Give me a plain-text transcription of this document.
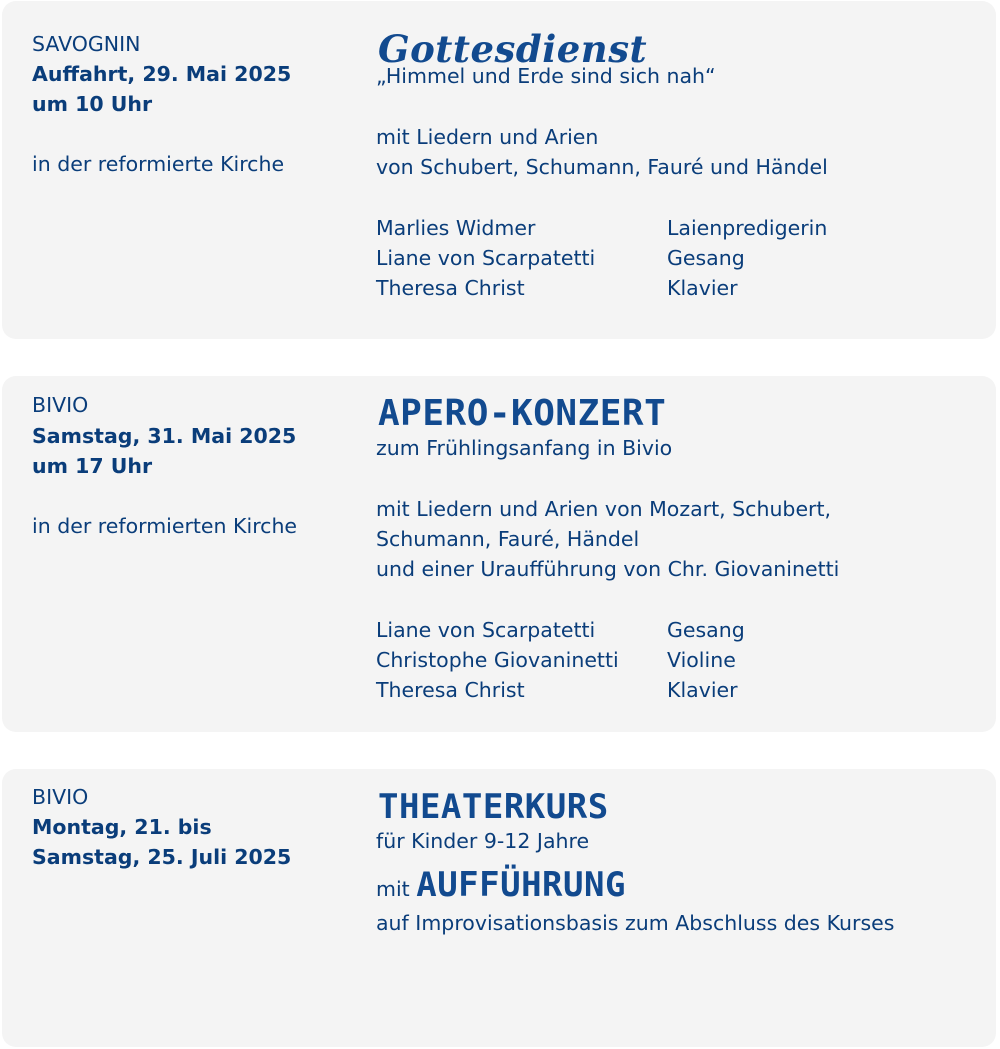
SAVOGNIN
Auffahrt, 29. Mai 2025
um 10 Uhr
in der reformierte Kirche
Gottesdienst
„Himmel und Erde sind sich nah“
mit Liedern und Arien
von Schubert, Schumann, Fauré und Händel
Marlies Widmer	Laienpredigerin
Liane von Scarpatetti	Gesang
Theresa Christ	Klavier
BIVIO
Samstag, 31. Mai 2025
um 17 Uhr
in der reformierten Kirche
APERO-KONZERT
zum Frühlingsanfang in Bivio
mit Liedern und Arien von Mozart, Schubert,
Schumann, Fauré, Händel
und einer Uraufführung von Chr. Giovaninetti
Liane von Scarpatetti	Gesang
Christophe Giovaninetti	Violine
Theresa Christ	Klavier
BIVIO
Montag, 21. bis
Samstag, 25. Juli 2025
THEATERKURS
für Kinder 9-12 Jahre
mit AUFFÜHRUNG
auf Improvisationsbasis zum Abschluss des Kurses
